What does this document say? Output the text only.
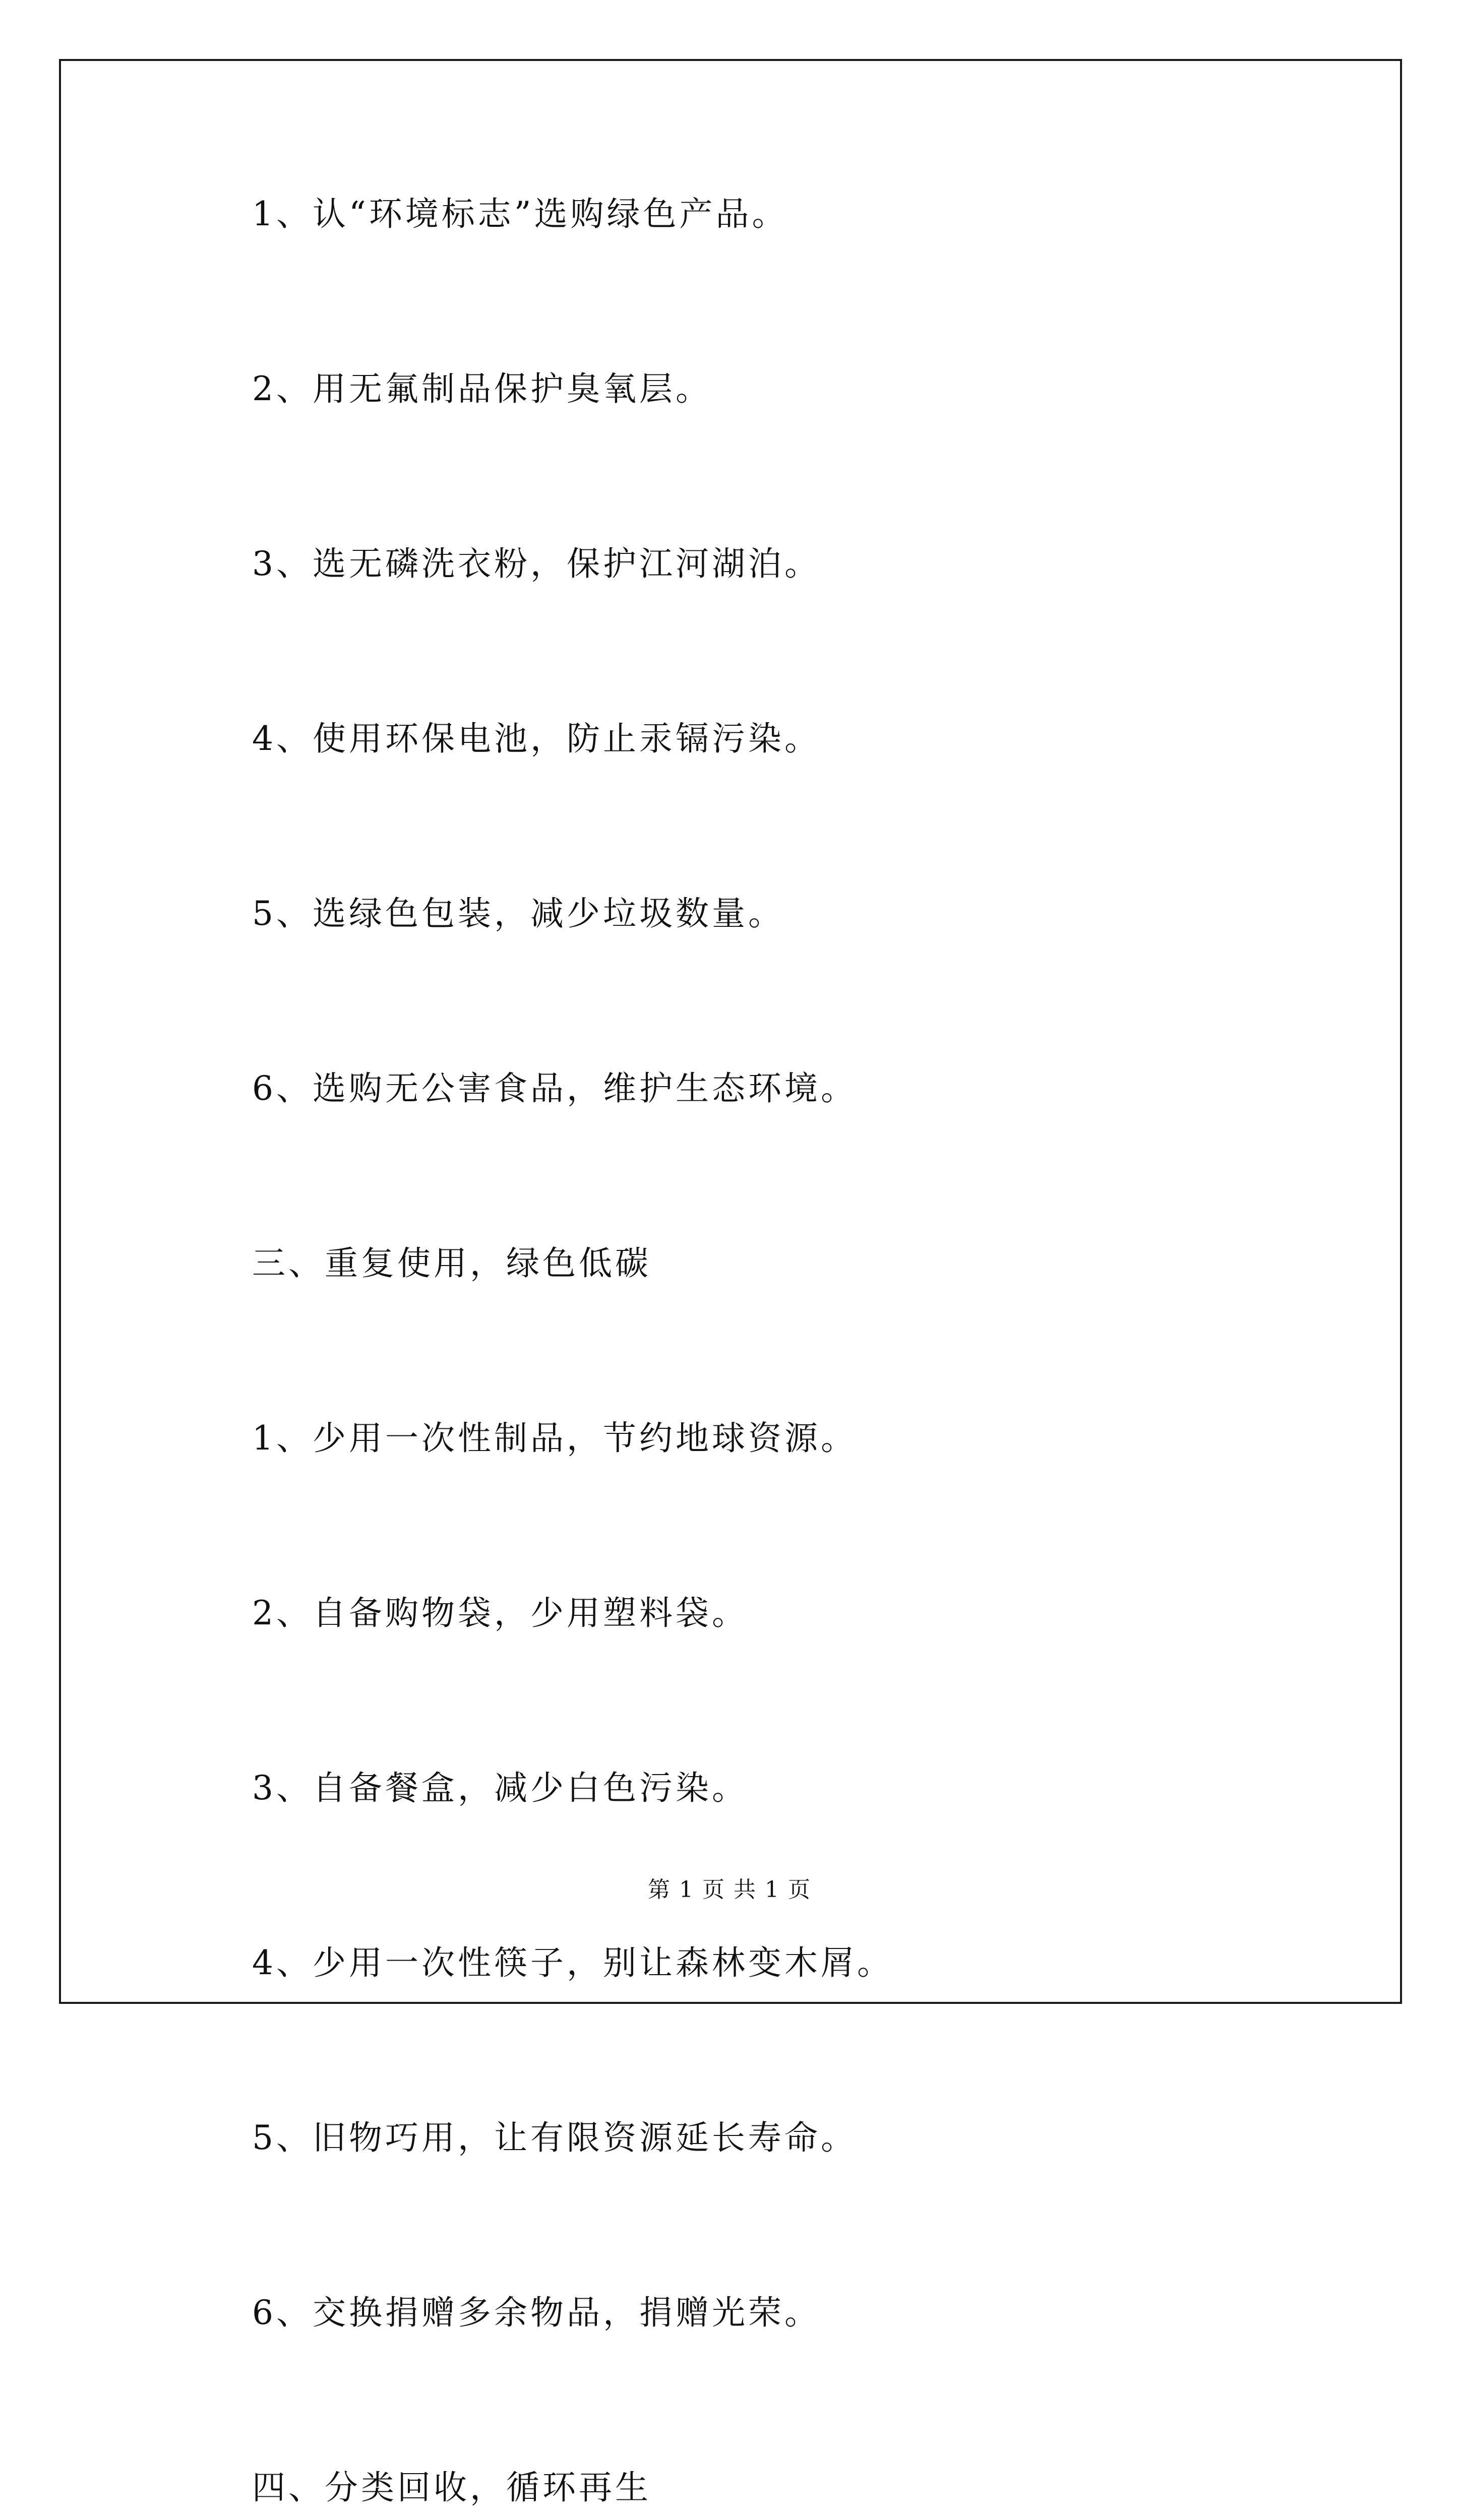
1、认“环境标志”选购绿色产品。
2、用无氟制品保护臭氧层。
3、选无磷洗衣粉，保护江河湖泊。
4、使用环保电池，防止汞镉污染。
5、选绿色包装，减少垃圾数量。
6、选购无公害食品，维护生态环境。
三、重复使用，绿色低碳
1、少用一次性制品，节约地球资源。
2、自备购物袋，少用塑料袋。
3、自备餐盒，减少白色污染。
4、少用一次性筷子，别让森林变木屑。
5、旧物巧用，让有限资源延长寿命。
6、交换捐赠多余物品，捐赠光荣。
四、分类回收，循环再生
第 1 页 共 1 页
